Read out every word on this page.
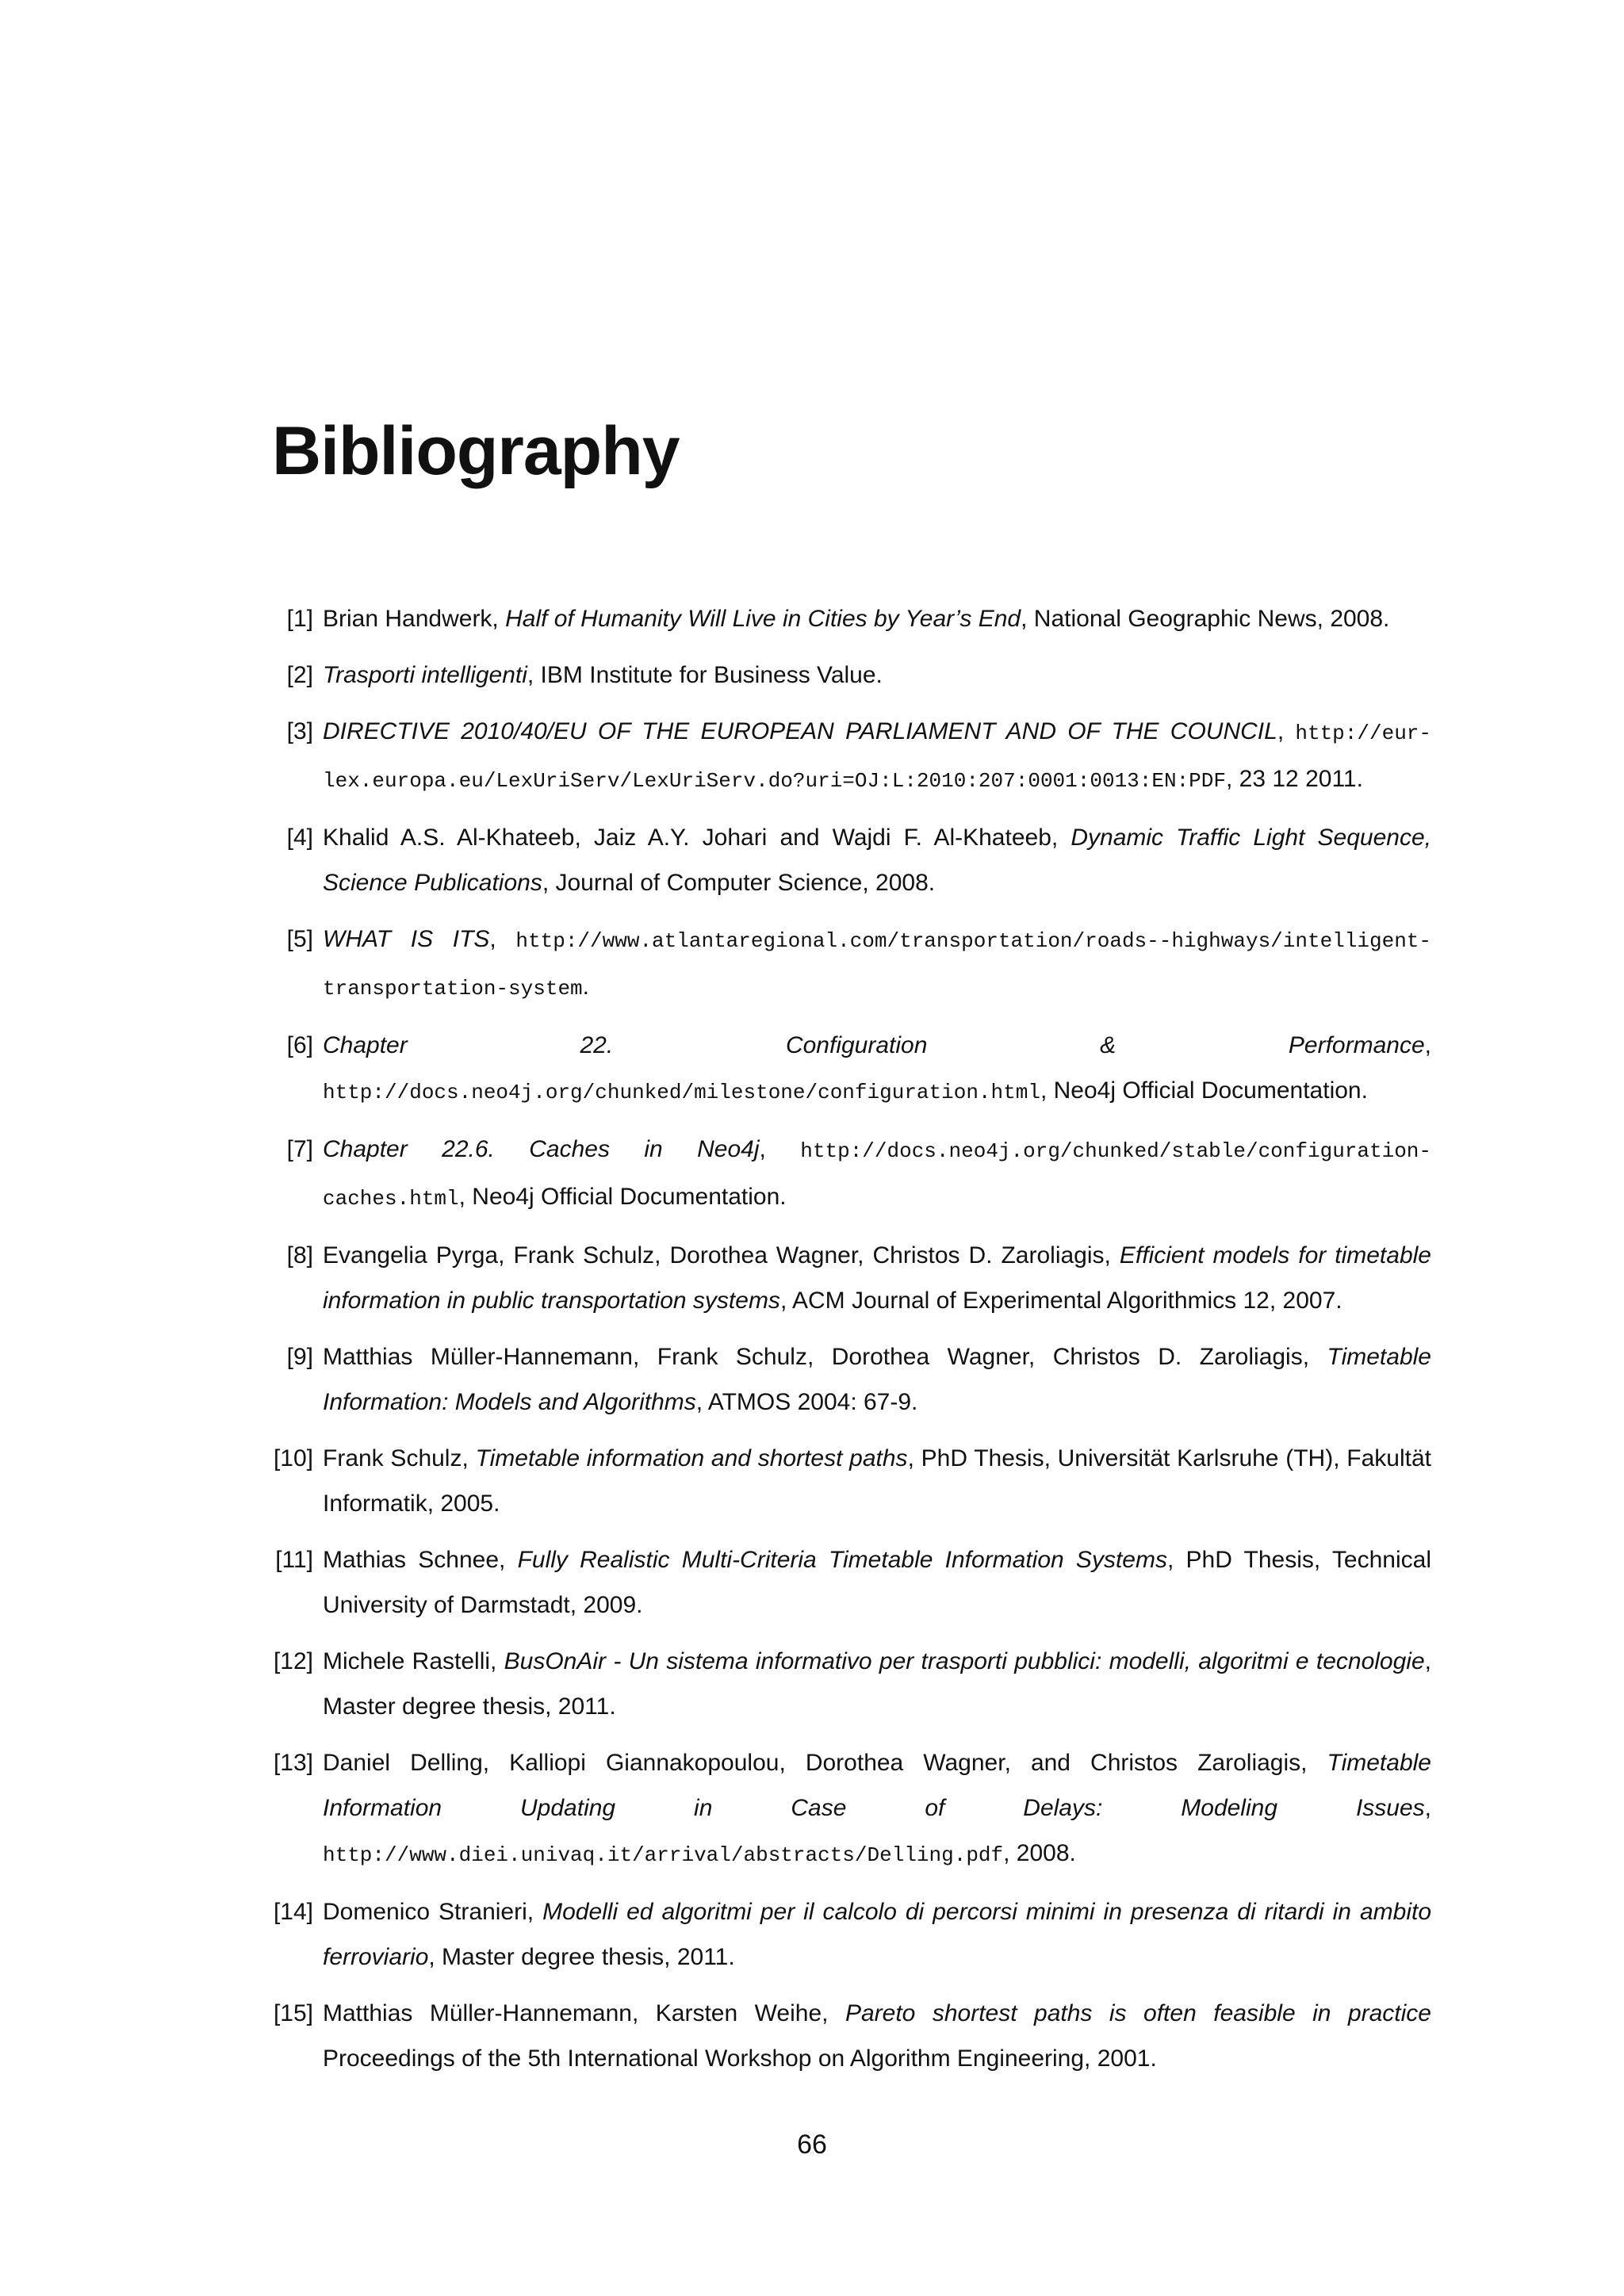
Bibliography
[1] Brian Handwerk, Half of Humanity Will Live in Cities by Year’s End, National Geographic News, 2008.
[2] Trasporti intelligenti, IBM Institute for Business Value.
[3] DIRECTIVE 2010/40/EU OF THE EUROPEAN PARLIAMENT AND OF THE COUNCIL, http://eur-lex.europa.eu/LexUriServ/LexUriServ.do?uri=OJ:L:2010:207:0001:0013:EN:PDF, 23 12 2011.
[4] Khalid A.S. Al-Khateeb, Jaiz A.Y. Johari and Wajdi F. Al-Khateeb, Dynamic Traffic Light Sequence, Science Publications, Journal of Computer Science, 2008.
[5] WHAT IS ITS, http://www.atlantaregional.com/transportation/roads--highways/intelligent-transportation-system.
[6] Chapter 22. Configuration & Performance, http://docs.neo4j.org/chunked/milestone/configuration.html, Neo4j Official Documentation.
[7] Chapter 22.6. Caches in Neo4j, http://docs.neo4j.org/chunked/stable/configuration-caches.html, Neo4j Official Documentation.
[8] Evangelia Pyrga, Frank Schulz, Dorothea Wagner, Christos D. Zaroliagis, Efficient models for timetable information in public transportation systems, ACM Journal of Experimental Algorithmics 12, 2007.
[9] Matthias Müller-Hannemann, Frank Schulz, Dorothea Wagner, Christos D. Zaroliagis, Timetable Information: Models and Algorithms, ATMOS 2004: 67-9.
[10] Frank Schulz, Timetable information and shortest paths, PhD Thesis, Universität Karlsruhe (TH), Fakultät Informatik, 2005.
[11] Mathias Schnee, Fully Realistic Multi-Criteria Timetable Information Systems, PhD Thesis, Technical University of Darmstadt, 2009.
[12] Michele Rastelli, BusOnAir - Un sistema informativo per trasporti pubblici: modelli, algoritmi e tecnologie, Master degree thesis, 2011.
[13] Daniel Delling, Kalliopi Giannakopoulou, Dorothea Wagner, and Christos Zaroliagis, Timetable Information Updating in Case of Delays: Modeling Issues, http://www.diei.univaq.it/arrival/abstracts/Delling.pdf, 2008.
[14] Domenico Stranieri, Modelli ed algoritmi per il calcolo di percorsi minimi in presenza di ritardi in ambito ferroviario, Master degree thesis, 2011.
[15] Matthias Müller-Hannemann, Karsten Weihe, Pareto shortest paths is often feasible in practice Proceedings of the 5th International Workshop on Algorithm Engineering, 2001.
66
